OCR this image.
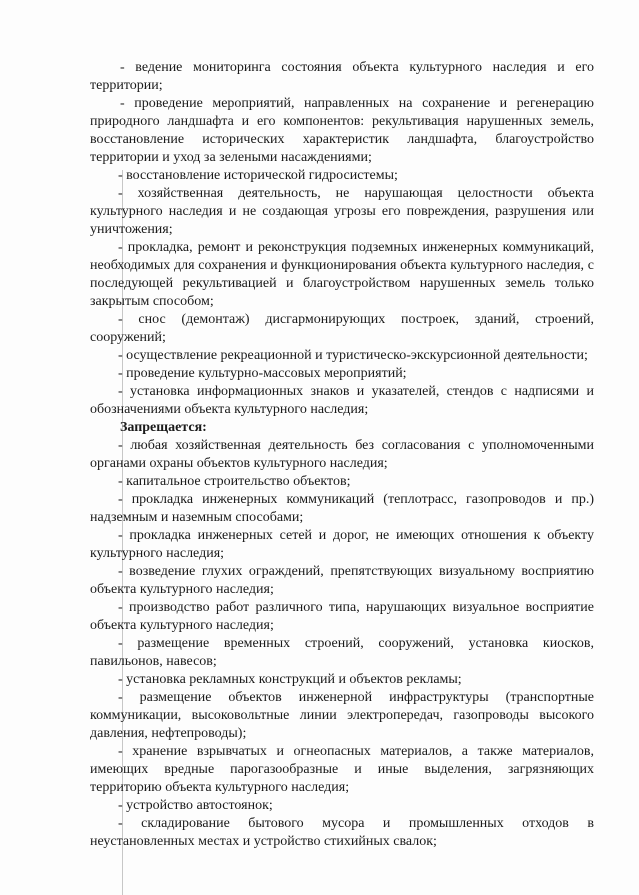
- ведение мониторинга состояния объекта культурного наследия и его территории;

- проведение мероприятий, направленных на сохранение и регенерацию природного ландшафта и его компонентов: рекультивация нарушенных земель, восстановление исторических характеристик ландшафта, благоустройство территории и уход за зелеными насаждениями;

- восстановление исторической гидросистемы;

- хозяйственная деятельность, не нарушающая целостности объекта культурного наследия и не создающая угрозы его повреждения, разрушения или уничтожения;

- прокладка, ремонт и реконструкция подземных инженерных коммуникаций, необходимых для сохранения и функционирования объекта культурного наследия, с последующей рекультивацией и благоустройством нарушенных земель только закрытым способом;

- снос (демонтаж) дисгармонирующих построек, зданий, строений, сооружений;

- осуществление рекреационной и туристическо-экскурсионной деятельности;

- проведение культурно-массовых мероприятий;

- установка информационных знаков и указателей, стендов с надписями и обозначениями объекта культурного наследия;

Запрещается:

- любая хозяйственная деятельность без согласования с уполномоченными органами охраны объектов культурного наследия;

- капитальное строительство объектов;

- прокладка инженерных коммуникаций (теплотрасс, газопроводов и пр.) надземным и наземным способами;

- прокладка инженерных сетей и дорог, не имеющих отношения к объекту культурного наследия;

- возведение глухих ограждений, препятствующих визуальному восприятию объекта культурного наследия;

- производство работ различного типа, нарушающих визуальное восприятие объекта культурного наследия;

- размещение временных строений, сооружений, установка киосков, павильонов, навесов;

- установка рекламных конструкций и объектов рекламы;

- размещение объектов инженерной инфраструктуры (транспортные коммуникации, высоковольтные линии электропередач, газопроводы высокого давления, нефтепроводы);

- хранение взрывчатых и огнеопасных материалов, а также материалов, имеющих вредные парогазообразные и иные выделения, загрязняющих территорию объекта культурного наследия;

- устройство автостоянок;

- складирование бытового мусора и промышленных отходов в неустановленных местах и устройство стихийных свалок;
